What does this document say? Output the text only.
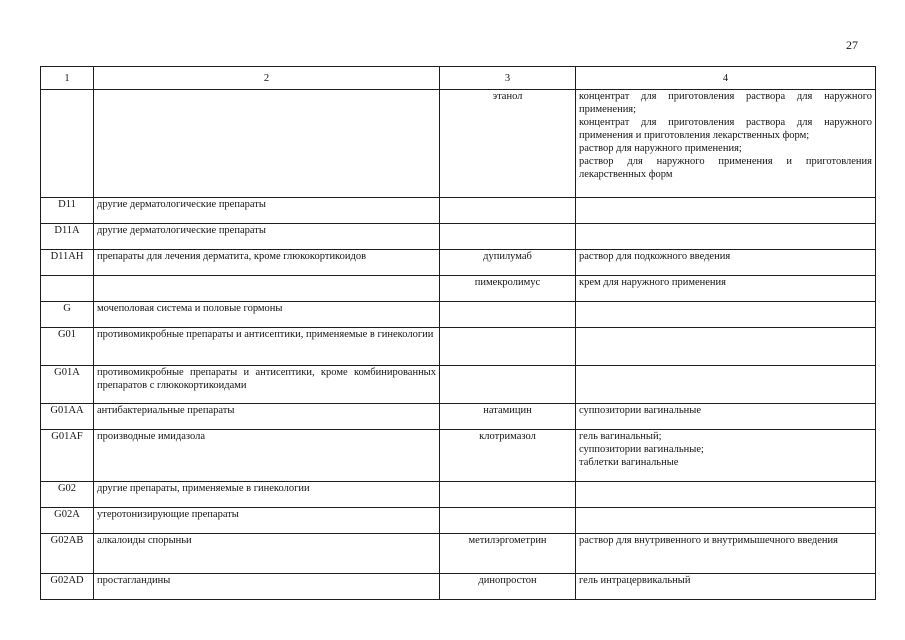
27
1	2	3	4
		этанол	концентрат для приготовления раствора для наружного применения;
концентрат для приготовления раствора для наружного применения и приготовления лекарственных форм;
раствор для наружного применения;
раствор для наружного применения и приготовления лекарственных форм
D11	другие дерматологические препараты		
D11A	другие дерматологические препараты		
D11AH	препараты для лечения дерматита, кроме глюкокортикоидов	дупилумаб	раствор для подкожного введения
		пимекролимус	крем для наружного применения
G	мочеполовая система и половые гормоны		
G01	противомикробные препараты и антисептики, применяемые в гинекологии		
G01A	противомикробные препараты и антисептики, кроме комбинированных препаратов с глюкокортикоидами		
G01AA	антибактериальные препараты	натамицин	суппозитории вагинальные
G01AF	производные имидазола	клотримазол	гель вагинальный;
суппозитории вагинальные;
таблетки вагинальные
G02	другие препараты, применяемые в гинекологии		
G02A	утеротонизирующие препараты		
G02AB	алкалоиды спорыньи	метилэргометрин	раствор для внутривенного и внутримышечного введения
G02AD	простагландины	динопростон	гель интрацервикальный
